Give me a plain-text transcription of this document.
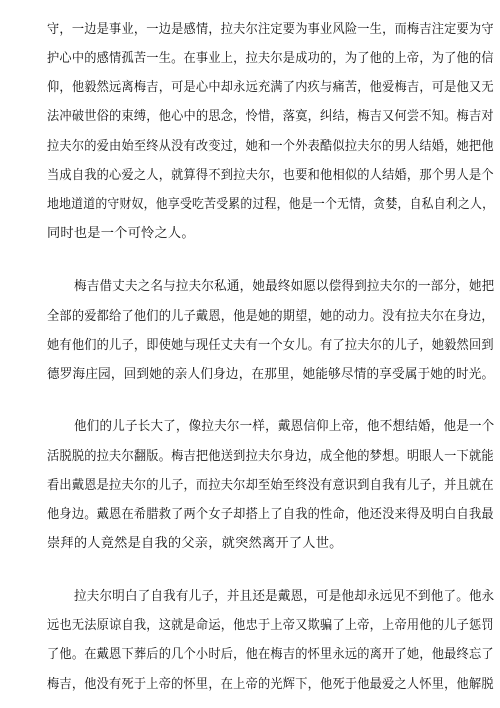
守，一边是事业，一边是感情，拉夫尔注定要为事业风险一生，而梅吉注定要为守
护心中的感情孤苦一生。在事业上，拉夫尔是成功的，为了他的上帝，为了他的信
仰，他毅然远离梅吉，可是心中却永远充满了内疚与痛苦，他爱梅吉，可是他又无
法冲破世俗的束缚，他心中的思念，怜惜，落寞，纠结，梅吉又何尝不知。梅吉对
拉夫尔的爱由始至终从没有改变过，她和一个外表酷似拉夫尔的男人结婚，她把他
当成自我的心爱之人，就算得不到拉夫尔，也要和他相似的人结婚，那个男人是个
地地道道的守财奴，他享受吃苦受累的过程，他是一个无情，贪婪，自私自利之人，
同时也是一个可怜之人。
梅吉借丈夫之名与拉夫尔私通，她最终如愿以偿得到拉夫尔的一部分，她把
全部的爱都给了他们的儿子戴恩，他是她的期望，她的动力。没有拉夫尔在身边，
她有他们的儿子，即使她与现任丈夫有一个女儿。有了拉夫尔的儿子，她毅然回到
德罗海庄园，回到她的亲人们身边，在那里，她能够尽情的享受属于她的时光。
他们的儿子长大了，像拉夫尔一样，戴恩信仰上帝，他不想结婚，他是一个
活脱脱的拉夫尔翻版。梅吉把他送到拉夫尔身边，成全他的梦想。明眼人一下就能
看出戴恩是拉夫尔的儿子，而拉夫尔却至始至终没有意识到自我有儿子，并且就在
他身边。戴恩在希腊救了两个女子却搭上了自我的性命，他还没来得及明白自我最
崇拜的人竟然是自我的父亲，就突然离开了人世。
拉夫尔明白了自我有儿子，并且还是戴恩，可是他却永远见不到他了。他永
远也无法原谅自我，这就是命运，他忠于上帝又欺骗了上帝，上帝用他的儿子惩罚
了他。在戴恩下葬后的几个小时后，他在梅吉的怀里永远的离开了她，他最终忘了
梅吉，他没有死于上帝的怀里，在上帝的光辉下，他死于他最爱之人怀里，他解脱
